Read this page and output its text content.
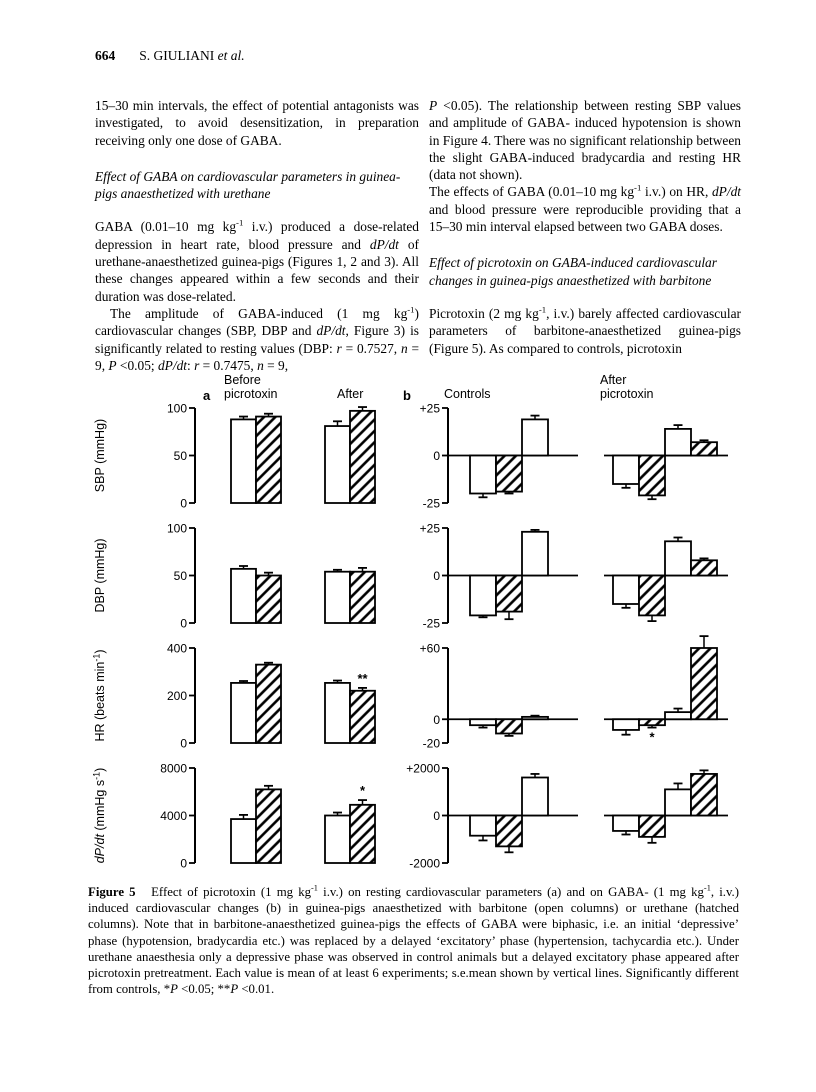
664 S. GIULIANI et al.

15–30 min intervals, the effect of potential antagonists was investigated, to avoid desensitization, in preparation receiving only one dose of GABA.

Effect of GABA on cardiovascular parameters in guinea-pigs anaesthetized with urethane

GABA (0.01–10 mg $kg^{-1}$ i.v.) produced a dose-related depression in heart rate, blood pressure and dP/dt of urethane-anaesthetized guinea-pigs (Figures 1, 2 and 3). All these changes appeared within a few seconds and their duration was dose-related.

The amplitude of GABA-induced (1 mg $kg^{-1}$) cardiovascular changes (SBP, DBP and dP/dt, Figure 3) is significantly related to resting values (DBP: r = 0.7527, n = 9, P <0.05; dP/dt: r = 0.7475, n = 9,

P <0.05). The relationship between resting SBP values and amplitude of GABA- induced hypotension is shown in Figure 4. There was no significant relationship between the slight GABA-induced bradycardia and resting HR (data not shown).

The effects of GABA (0.01–10 mg $kg^{-1}$ i.v.) on HR, dP/dt and blood pressure were reproducible providing that a 15–30 min interval elapsed between two GABA doses.

Effect of picrotoxin on GABA-induced cardiovascular changes in guinea-pigs anaesthetized with barbitone

Picrotoxin (2 mg $kg^{-1}$, i.v.) barely affected cardiovascular parameters of barbitone-anaesthetized guinea-pigs (Figure 5). As compared to controls, picrotoxin

a
Before picrotoxin	After	b	Controls
After picrotoxin
100
50
0
SBP (mmHg)
+25
0
-25
100
50
0
DBP (mmHg)
+25
0
-25
400
200
0
HR (beats $\min^{-1}$)
**
+60
0
-20	*
8000
4000
0
dP/dt (mmHg $s^{-1}$)
*
+2000
0
-2000

Figure 5   Effect of picrotoxin (1 mg $kg^{-1}$ i.v.) on resting cardiovascular parameters (a) and on GABA- (1 mg $kg^{-1}$, i.v.) induced cardiovascular changes (b) in guinea-pigs anaesthetized with barbitone (open columns) or urethane (hatched columns). Note that in barbitone-anaesthetized guinea-pigs the effects of GABA were biphasic, i.e. an initial ‘depressive’ phase (hypotension, bradycardia etc.) was replaced by a delayed ‘excitatory’ phase (hypertension, tachycardia etc.). Under urethane anaesthesia only a depressive phase was observed in control animals but a delayed excitatory phase appeared after picrotoxin pretreatment. Each value is mean of at least 6 experiments; s.e.mean shown by vertical lines. Significantly different from controls, *P <0.05; **P <0.01.
